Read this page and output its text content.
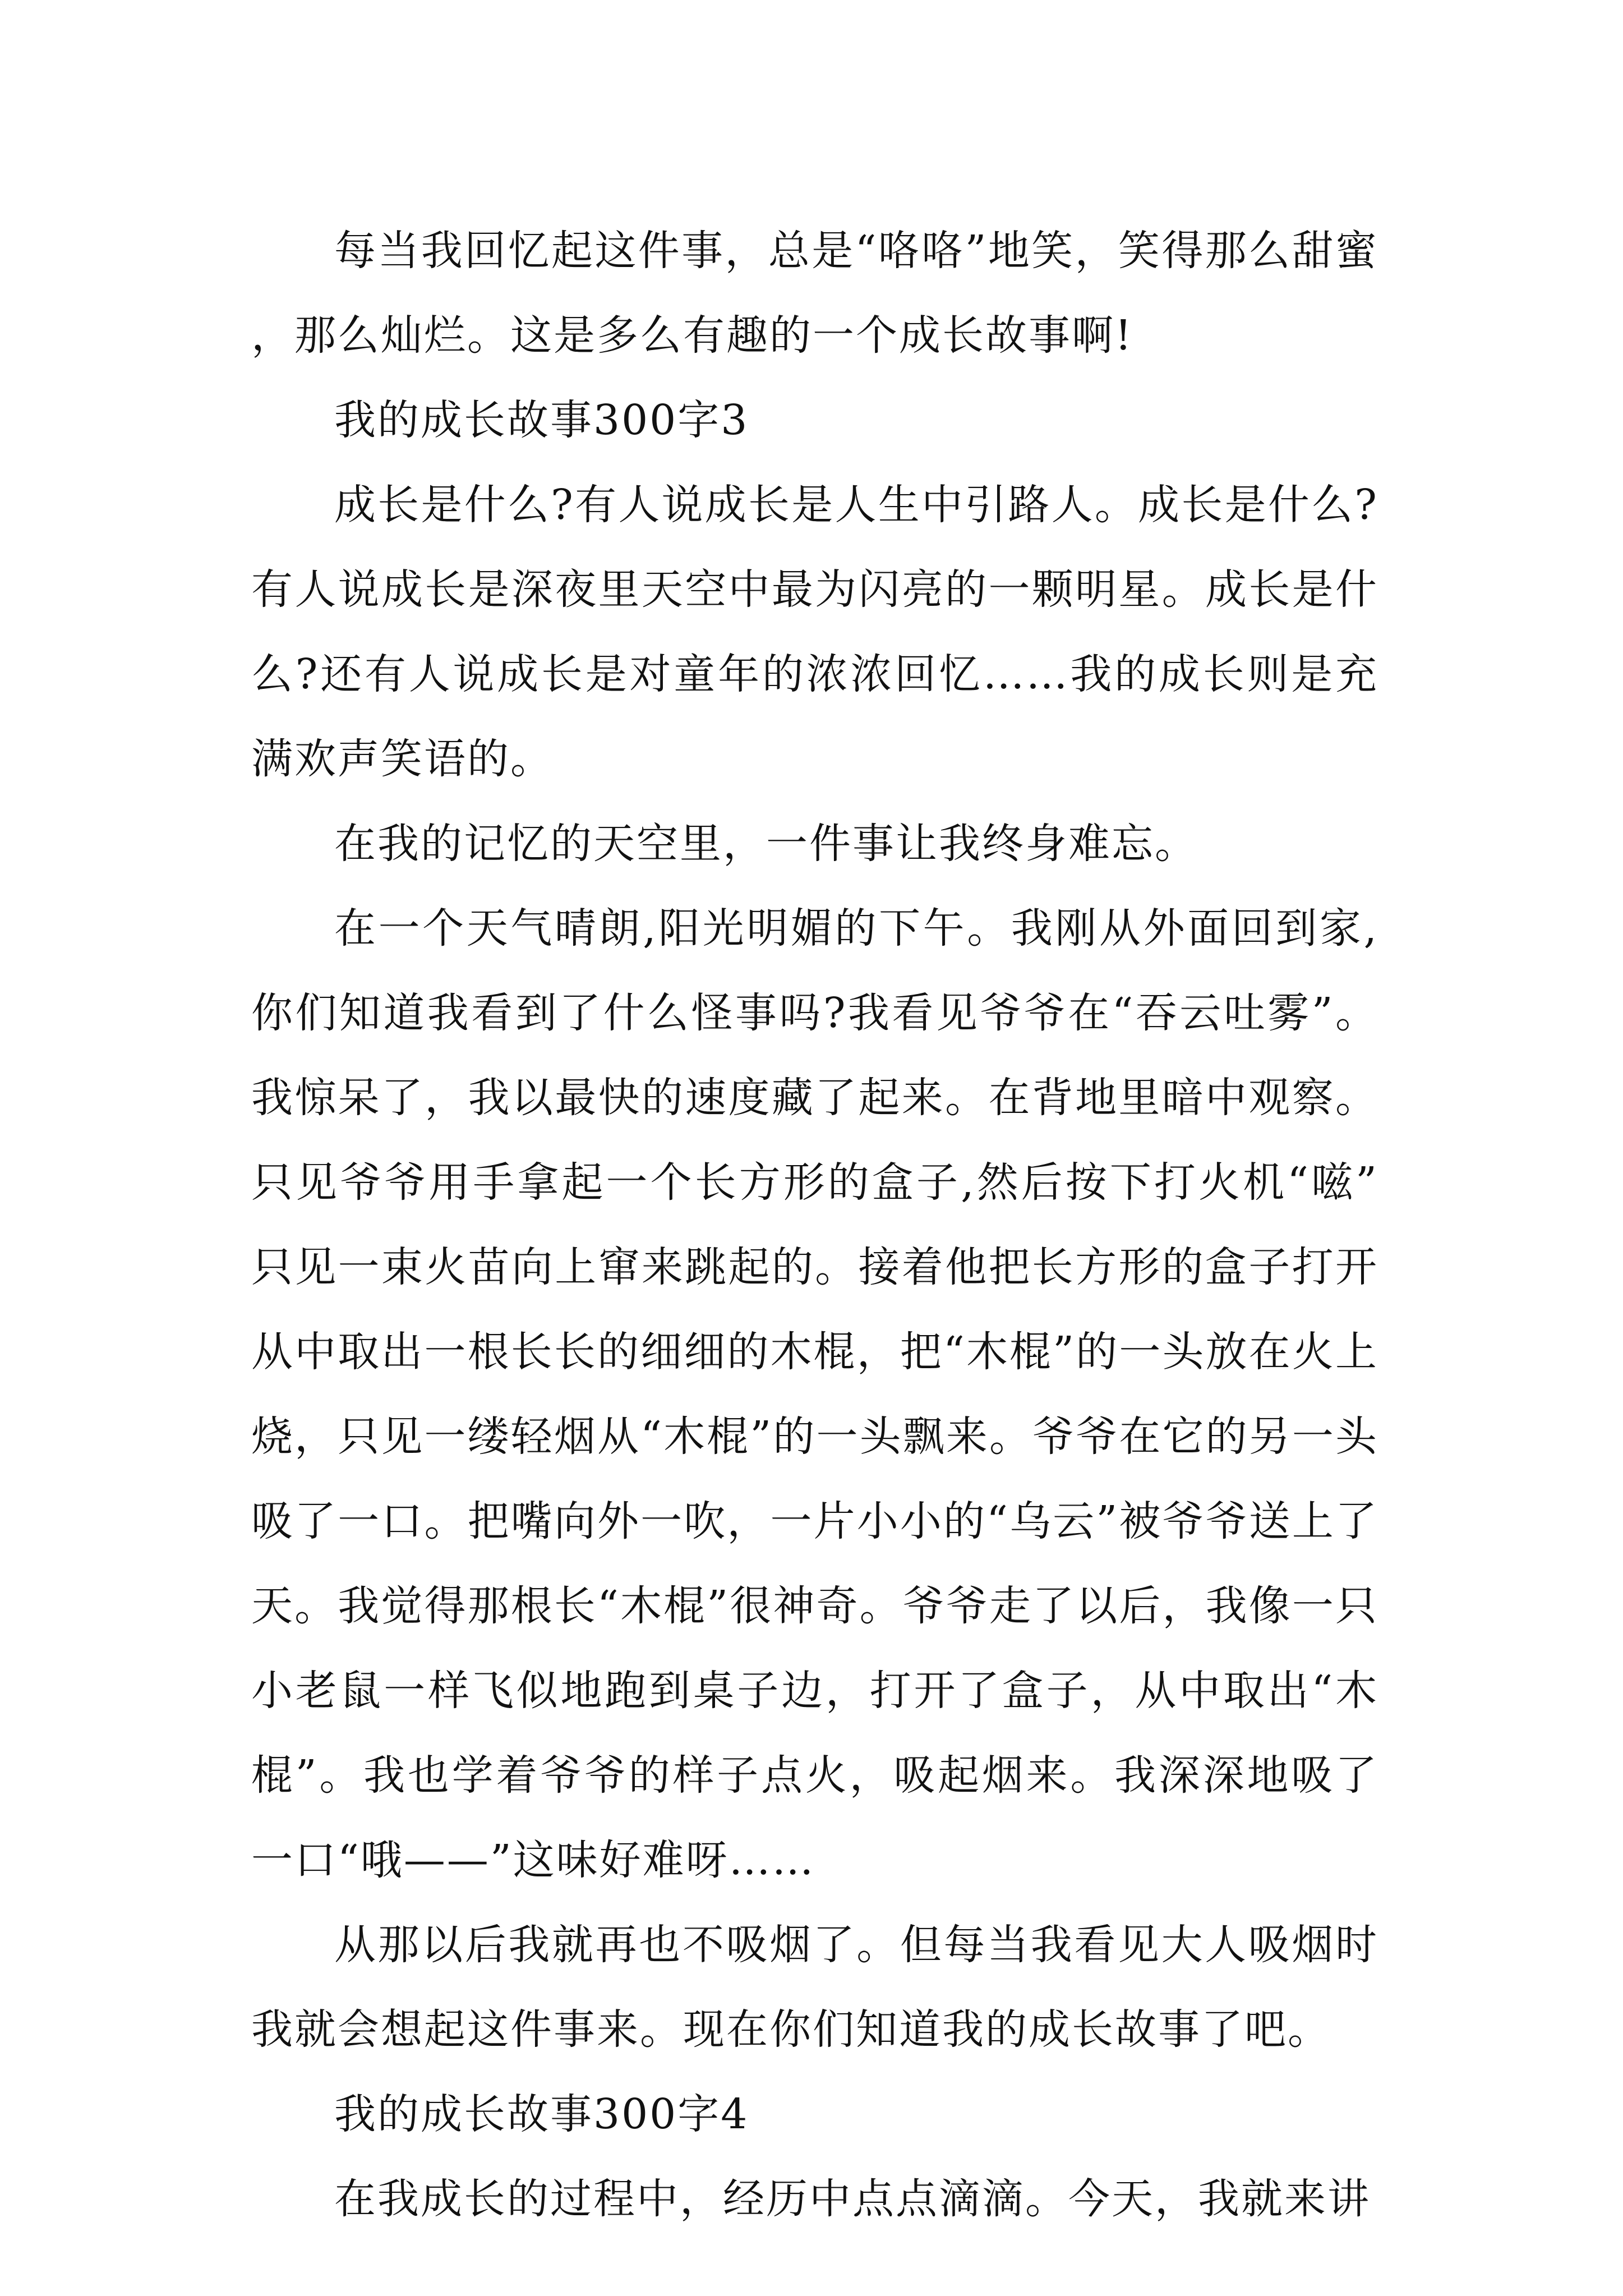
每当我回忆起这件事，总是“咯咯”地笑，笑得那么甜蜜，那么灿烂。这是多么有趣的一个成长故事啊!

我的成长故事300字3

成长是什么?有人说成长是人生中引路人。成长是什么?有人说成长是深夜里天空中最为闪亮的一颗明星。成长是什么?还有人说成长是对童年的浓浓回忆……我的成长则是充满欢声笑语的。

在我的记忆的天空里，一件事让我终身难忘。

在一个天气晴朗,阳光明媚的下午。我刚从外面回到家,你们知道我看到了什么怪事吗?我看见爷爷在“吞云吐雾”。我惊呆了，我以最快的速度藏了起来。在背地里暗中观察。只见爷爷用手拿起一个长方形的盒子,然后按下打火机“嗞”只见一束火苗向上窜来跳起的。接着他把长方形的盒子打开从中取出一根长长的细细的木棍，把“木棍”的一头放在火上烧，只见一缕轻烟从“木棍”的一头飘来。爷爷在它的另一头吸了一口。把嘴向外一吹，一片小小的“乌云”被爷爷送上了天。我觉得那根长“木棍”很神奇。爷爷走了以后，我像一只小老鼠一样飞似地跑到桌子边，打开了盒子，从中取出“木棍”。我也学着爷爷的样子点火，吸起烟来。我深深地吸了一口“哦——”这味好难呀……

从那以后我就再也不吸烟了。但每当我看见大人吸烟时我就会想起这件事来。现在你们知道我的成长故事了吧。

我的成长故事300字4

在我成长的过程中，经历中点点滴滴。今天，我就来讲
